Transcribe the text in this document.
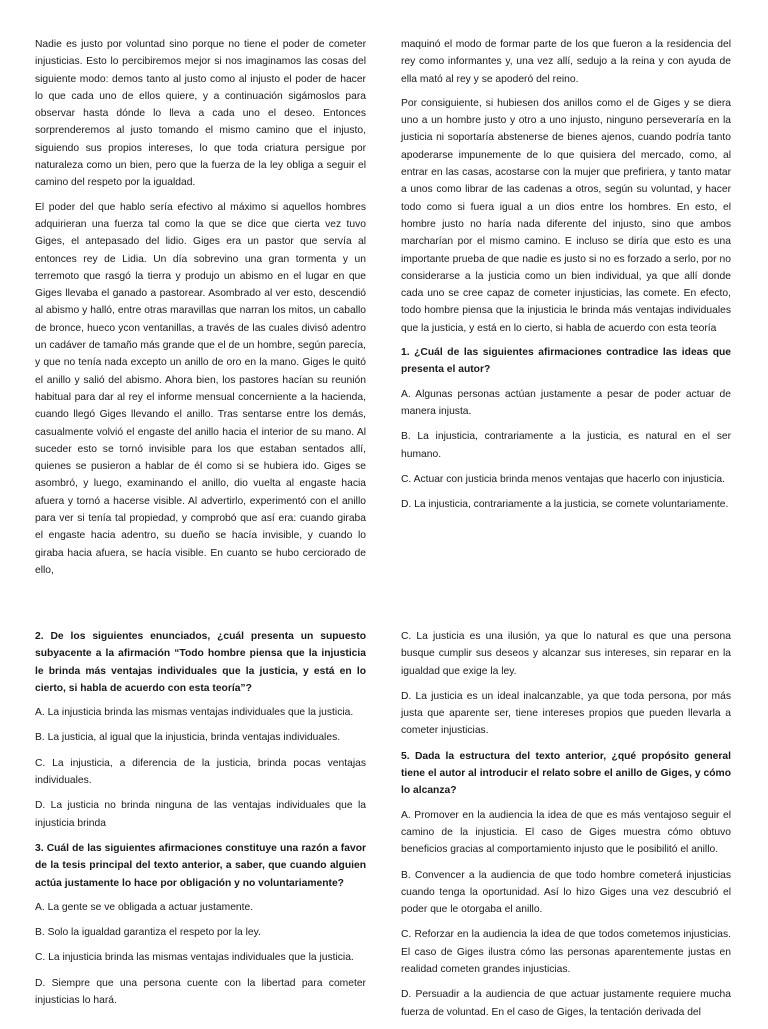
Nadie es justo por voluntad sino porque no tiene el poder de cometer injusticias. Esto lo percibiremos mejor si nos imaginamos las cosas del siguiente modo: demos tanto al justo como al injusto el poder de hacer lo que cada uno de ellos quiere, y a continuación sigámoslos para observar hasta dónde lo lleva a cada uno el deseo. Entonces sorprenderemos al justo tomando el mismo camino que el injusto, siguiendo sus propios intereses, lo que toda criatura persigue por naturaleza como un bien, pero que la fuerza de la ley obliga a seguir el camino del respeto por la igualdad.

El poder del que hablo sería efectivo al máximo si aquellos hombres adquirieran una fuerza tal como la que se dice que cierta vez tuvo Giges, el antepasado del lidio. Giges era un pastor que servía al entonces rey de Lidia. Un día sobrevino una gran tormenta y un terremoto que rasgó la tierra y produjo un abismo en el lugar en que Giges llevaba el ganado a pastorear. Asombrado al ver esto, descendió al abismo y halló, entre otras maravillas que narran los mitos, un caballo de bronce, hueco ycon ventanillas, a través de las cuales divisó adentro un cadáver de tamaño más grande que el de un hombre, según parecía, y que no tenía nada excepto un anillo de oro en la mano. Giges le quitó el anillo y salió del abismo. Ahora bien, los pastores hacían su reunión habitual para dar al rey el informe mensual concerniente a la hacienda, cuando llegó Giges llevando el anillo. Tras sentarse entre los demás, casualmente volvió el engaste del anillo hacia el interior de su mano. Al suceder esto se tornó invisible para los que estaban sentados allí, quienes se pusieron a hablar de él como si se hubiera ido. Giges se asombró, y luego, examinando el anillo, dio vuelta al engaste hacia afuera y tornó a hacerse visible. Al advertirlo, experimentó con el anillo para ver si tenía tal propiedad, y comprobó que así era: cuando giraba el engaste hacia adentro, su dueño se hacía invisible, y cuando lo giraba hacia afuera, se hacía visible. En cuanto se hubo cerciorado de ello,

maquinó el modo de formar parte de los que fueron a la residencia del rey como informantes y, una vez allí, sedujo a la reina y con ayuda de ella mató al rey y se apoderó del reino.

Por consiguiente, si hubiesen dos anillos como el de Giges y se diera uno a un hombre justo y otro a uno injusto, ninguno perseveraría en la justicia ni soportaría abstenerse de bienes ajenos, cuando podría tanto apoderarse impunemente de lo que quisiera del mercado, como, al entrar en las casas, acostarse con la mujer que prefiriera, y tanto matar a unos como librar de las cadenas a otros, según su voluntad, y hacer todo como si fuera igual a un dios entre los hombres. En esto, el hombre justo no haría nada diferente del injusto, sino que ambos marcharían por el mismo camino. E incluso se diría que esto es una importante prueba de que nadie es justo si no es forzado a serlo, por no considerarse a la justicia como un bien individual, ya que allí donde cada uno se cree capaz de cometer injusticias, las comete. En efecto, todo hombre piensa que la injusticia le brinda más ventajas individuales que la justicia, y está en lo cierto, si habla de acuerdo con esta teoría

1. ¿Cuál de las siguientes afirmaciones contradice las ideas que presenta el autor?

A. Algunas personas actúan justamente a pesar de poder actuar de manera injusta.

B. La injusticia, contrariamente a la justicia, es natural en el ser humano.

C. Actuar con justicia brinda menos ventajas que hacerlo con injusticia.

D. La injusticia, contrariamente a la justicia, se comete voluntariamente.

2. De los siguientes enunciados, ¿cuál presenta un supuesto subyacente a la afirmación “Todo hombre piensa que la injusticia le brinda más ventajas individuales que la justicia, y está en lo cierto, si habla de acuerdo con esta teoría”?

A. La injusticia brinda las mismas ventajas individuales que la justicia.

B. La justicia, al igual que la injusticia, brinda ventajas individuales.

C. La injusticia, a diferencia de la justicia, brinda pocas ventajas individuales.

D. La justicia no brinda ninguna de las ventajas individuales que la injusticia brinda

3. Cuál de las siguientes afirmaciones constituye una razón a favor de la tesis principal del texto anterior, a saber, que cuando alguien actúa justamente lo hace por obligación y no voluntariamente?

A. La gente se ve obligada a actuar justamente.

B. Solo la igualdad garantiza el respeto por la ley.

C. La injusticia brinda las mismas ventajas individuales que la justicia.

D. Siempre que una persona cuente con la libertad para cometer injusticias lo hará.

C. La justicia es una ilusión, ya que lo natural es que una persona busque cumplir sus deseos y alcanzar sus intereses, sin reparar en la igualdad que exige la ley.

D. La justicia es un ideal inalcanzable, ya que toda persona, por más justa que aparente ser, tiene intereses propios que pueden llevarla a cometer injusticias.

5. Dada la estructura del texto anterior, ¿qué propósito general tiene el autor al introducir el relato sobre el anillo de Giges, y cómo lo alcanza?

A. Promover en la audiencia la idea de que es más ventajoso seguir el camino de la injusticia. El caso de Giges muestra cómo obtuvo beneficios gracias al comportamiento injusto que le posibilitó el anillo.

B. Convencer a la audiencia de que todo hombre cometerá injusticias cuando tenga la oportunidad. Así lo hizo Giges una vez descubrió el poder que le otorgaba el anillo.

C. Reforzar en la audiencia la idea de que todos cometemos injusticias. El caso de Giges ilustra cómo las personas aparentemente justas en realidad cometen grandes injusticias.

D. Persuadir a la audiencia de que actuar justamente requiere mucha fuerza de voluntad. En el caso de Giges, la tentación derivada del
